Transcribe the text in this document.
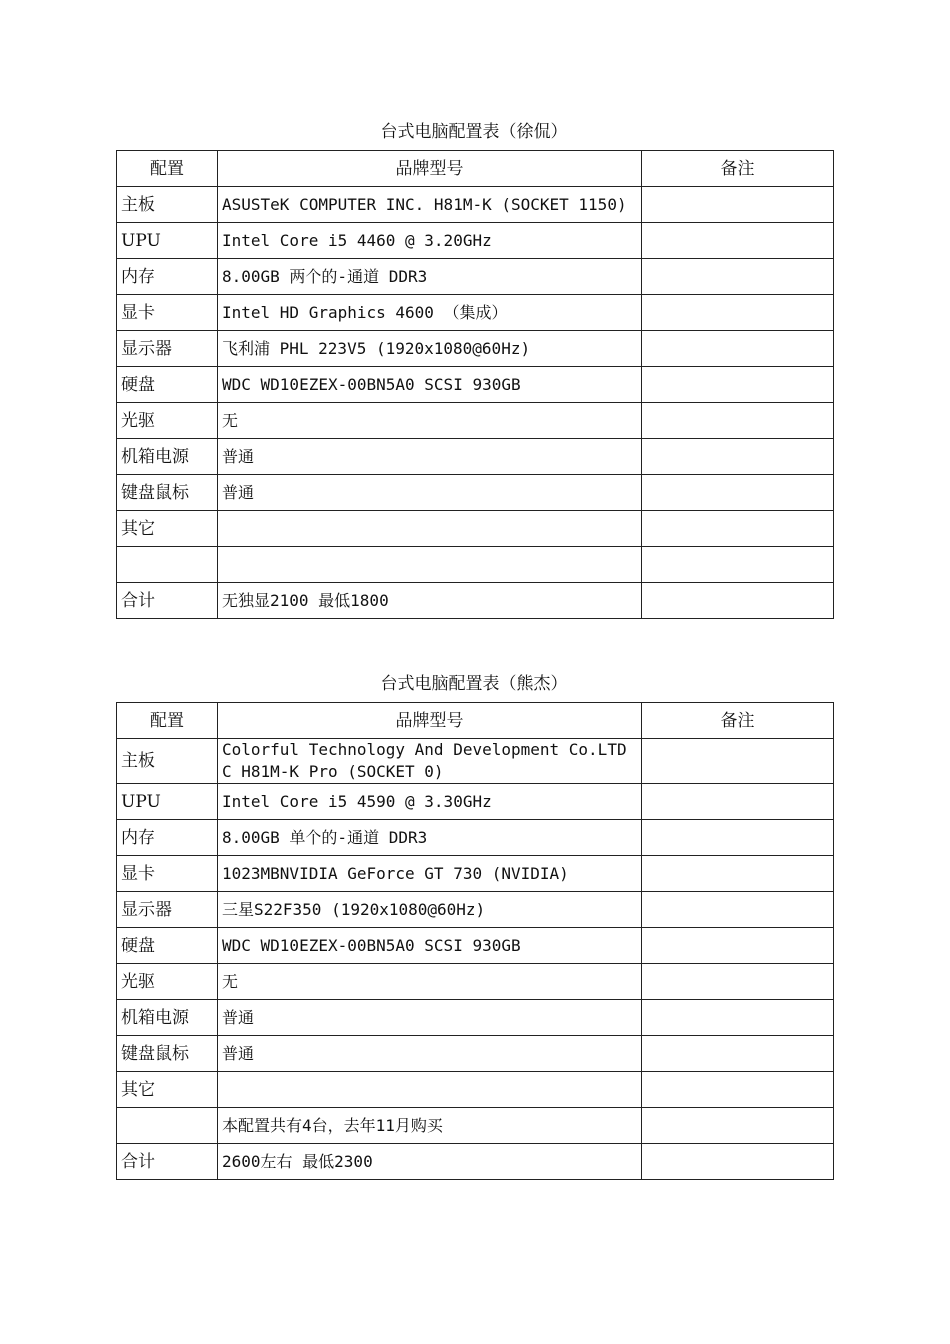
台式电脑配置表（徐侃）
配置	品牌型号	备注
主板	ASUSTeK COMPUTER INC. H81M-K (SOCKET 1150)	
UPU	Intel Core i5 4460 @ 3.20GHz	
内存	8.00GB 两个的-通道 DDR3	
显卡	Intel HD Graphics 4600 （集成）	
显示器	飞利浦 PHL 223V5 (1920x1080@60Hz)	
硬盘	WDC WD10EZEX-00BN5A0 SCSI 930GB	
光驱	无	
机箱电源	普通	
键盘鼠标	普通	
其它		

合计	无独显2100 最低1800	
台式电脑配置表（熊杰）
配置	品牌型号	备注
主板	Colorful Technology And Development Co.LTD C H81M-K Pro (SOCKET 0)	
UPU	Intel Core i5 4590 @ 3.30GHz	
内存	8.00GB 单个的-通道 DDR3	
显卡	1023MBNVIDIA GeForce GT 730 (NVIDIA)	
显示器	三星S22F350 (1920x1080@60Hz)	
硬盘	WDC WD10EZEX-00BN5A0 SCSI 930GB	
光驱	无	
机箱电源	普通	
键盘鼠标	普通	
其它		
	本配置共有4台，去年11月购买	
合计	2600左右 最低2300	
